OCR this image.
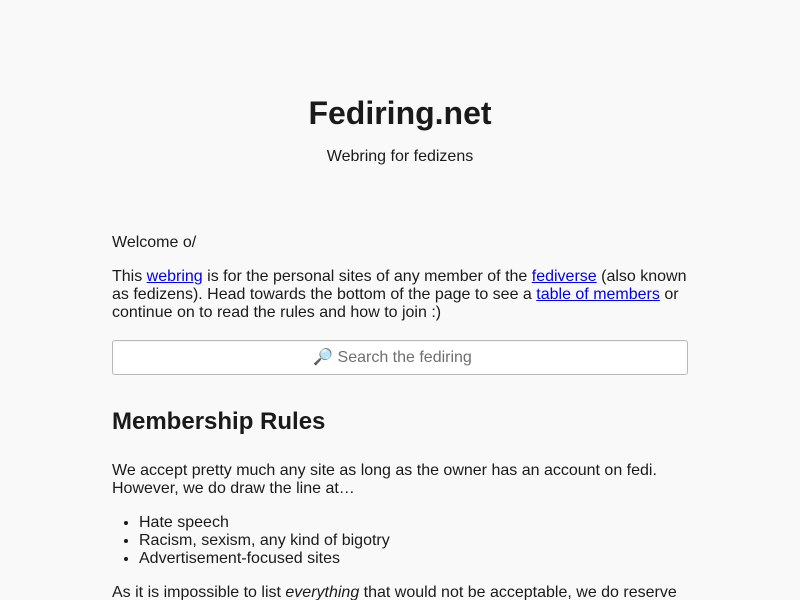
Fediring.net

Webring for fedizens

Welcome o/

This webring is for the personal sites of any member of the fediverse (also known as fedizens). Head towards the bottom of the page to see a table of members or continue on to read the rules and how to join :)

🔎 Search the fediring
Membership Rules

We accept pretty much any site as long as the owner has an account on fedi. However, we do draw the line at…

• Hate speech
• Racism, sexism, any kind of bigotry
• Advertisement-focused sites

As it is impossible to list everything that would not be acceptable, we do reserve
